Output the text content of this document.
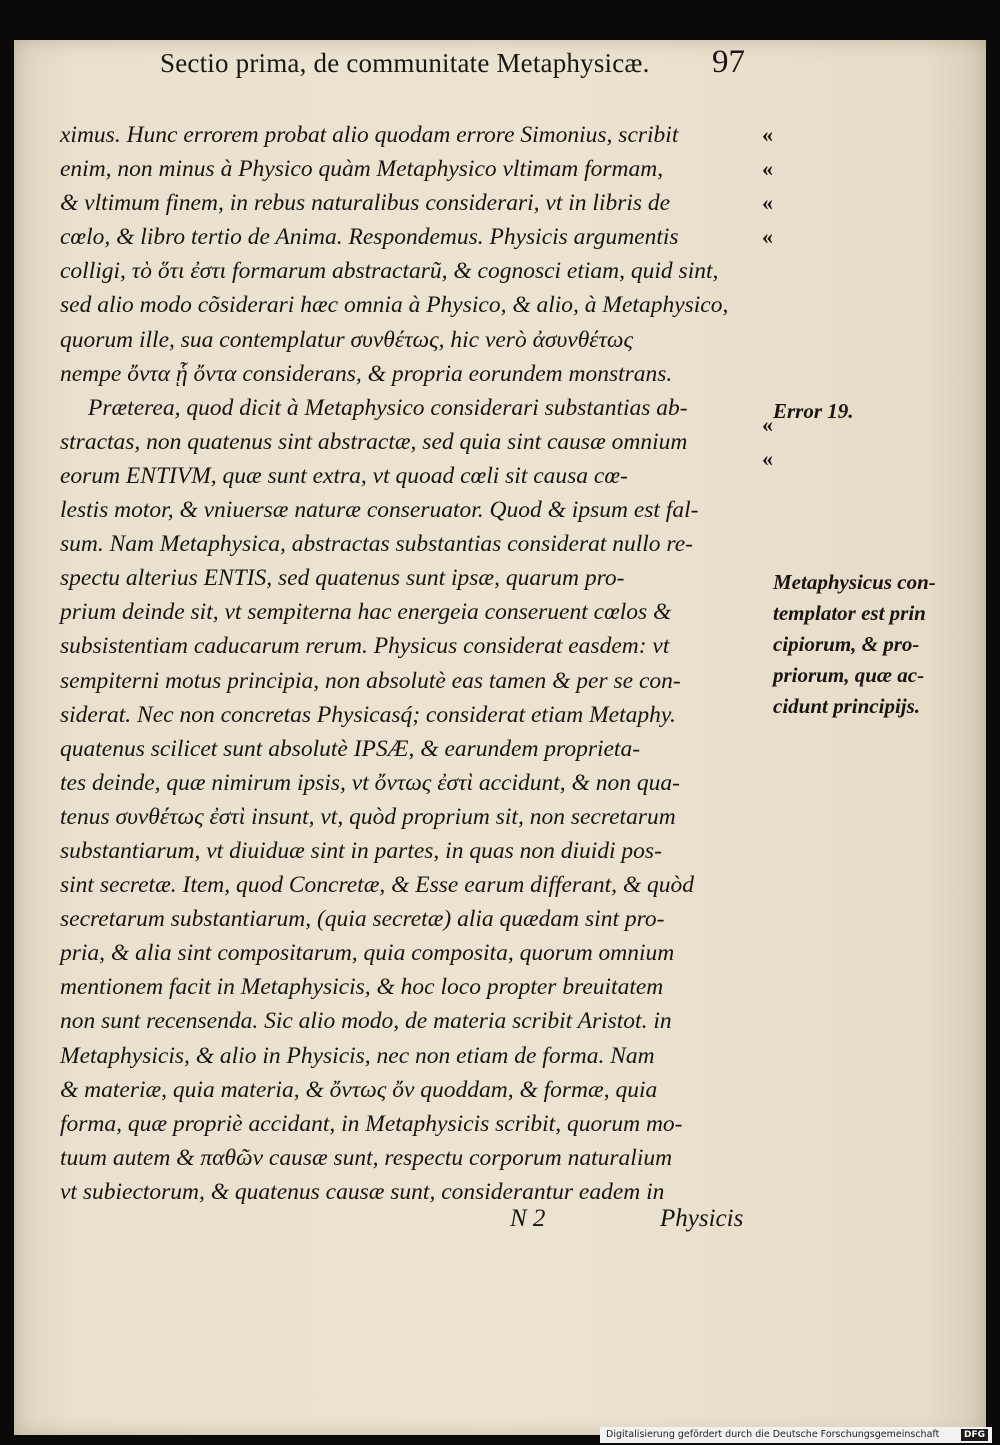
Sectio prima, de communitate Metaphysicæ. 97
ximus. Hunc errorem probat alio quodam errore Simonius, scribit
enim, non minus à Physico quàm Metaphysico vltimam formam,
& vltimum finem, in rebus naturalibus considerari, vt in libris de
cœlo, & libro tertio de Anima. Respondemus. Physicis argumentis
colligi, τὸ ὅτι ἐστι formarum abstractarũ, & cognosci etiam, quid sint,
sed alio modo cõsiderari hæc omnia à Physico, & alio, à Metaphysico,
quorum ille, sua contemplatur συνθέτως, hic verò ἀσυνθέτως
nempe ὄντα ᾗ ὄντα considerans, & propria eorundem monstrans.
Præterea, quod dicit à Metaphysico considerari substantias ab-
stractas, non quatenus sint abstractæ, sed quia sint causæ omnium
eorum ENTIVM, quæ sunt extra, vt quoad cœli sit causa cœ-
lestis motor, & vniuersæ naturæ conseruator. Quod & ipsum est fal-
sum. Nam Metaphysica, abstractas substantias considerat nullo re-
spectu alterius ENTIS, sed quatenus sunt ipsæ, quarum pro-
prium deinde sit, vt sempiterna hac energeia conseruent cœlos &
subsistentiam caducarum rerum. Physicus considerat easdem: vt
sempiterni motus principia, non absolutè eas tamen & per se con-
siderat. Nec non concretas Physicasq́; considerat etiam Metaphy.
quatenus scilicet sunt absolutè IPSÆ, & earundem proprieta-
tes deinde, quæ nimirum ipsis, vt ὄντως ἐστὶ accidunt, & non qua-
tenus συνθέτως ἐστὶ insunt, vt, quòd proprium sit, non secretarum
substantiarum, vt diuiduæ sint in partes, in quas non diuidi pos-
sint secretæ. Item, quod Concretæ, & Esse earum differant, & quòd
secretarum substantiarum, (quia secretæ) alia quædam sint pro-
pria, & alia sint compositarum, quia composita, quorum omnium
mentionem facit in Metaphysicis, & hoc loco propter breuitatem
non sunt recensenda. Sic alio modo, de materia scribit Aristot. in
Metaphysicis, & alio in Physicis, nec non etiam de forma. Nam
& materiæ, quia materia, & ὄντως ὄν quoddam, & formæ, quia
forma, quæ propriè accidant, in Metaphysicis scribit, quorum mo-
tuum autem & παθῶν causæ sunt, respectu corporum naturalium
vt subiectorum, & quatenus causæ sunt, considerantur eadem in
«
«
«
«
«
«
Error 19.
Metaphysicus con-
templator est prin
cipiorum, & pro-
priorum, quæ ac-
cidunt principijs.
N 2	Physicis
Digitalisierung gefördert durch die Deutsche Forschungsgemeinschaft	DFG
